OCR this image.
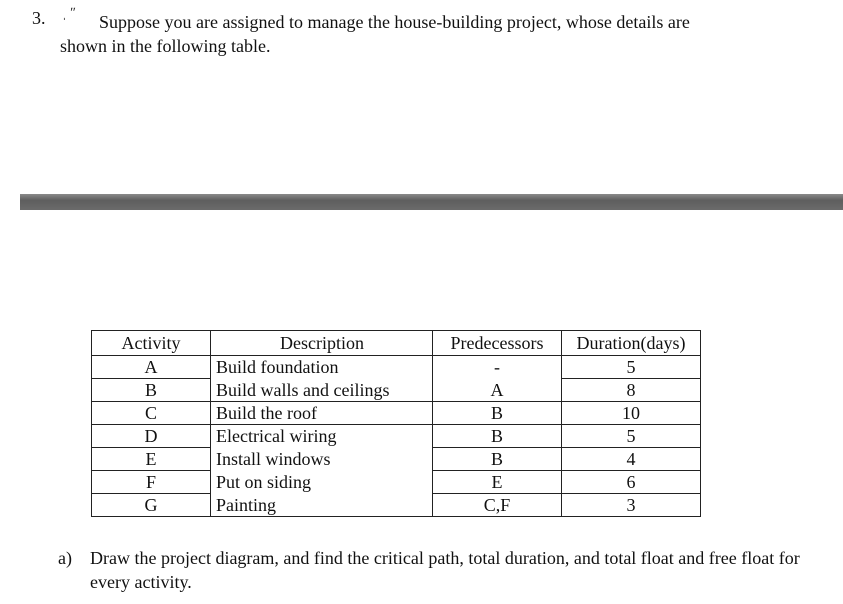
3. ˌ ʺ	Suppose you are assigned to manage the house-building project, whose details are
shown in the following table.
Activity	Description	Predecessors	Duration(days)
A	Build foundation	-	5
B	Build walls and ceilings	A	8
C	Build the roof	B	10
D	Electrical wiring	B	5
E	Install windows	B	4
F	Put on siding	E	6
G	Painting	C,F	3
a)	Draw the project diagram, and find the critical path, total duration, and total float and free float for every activity.
